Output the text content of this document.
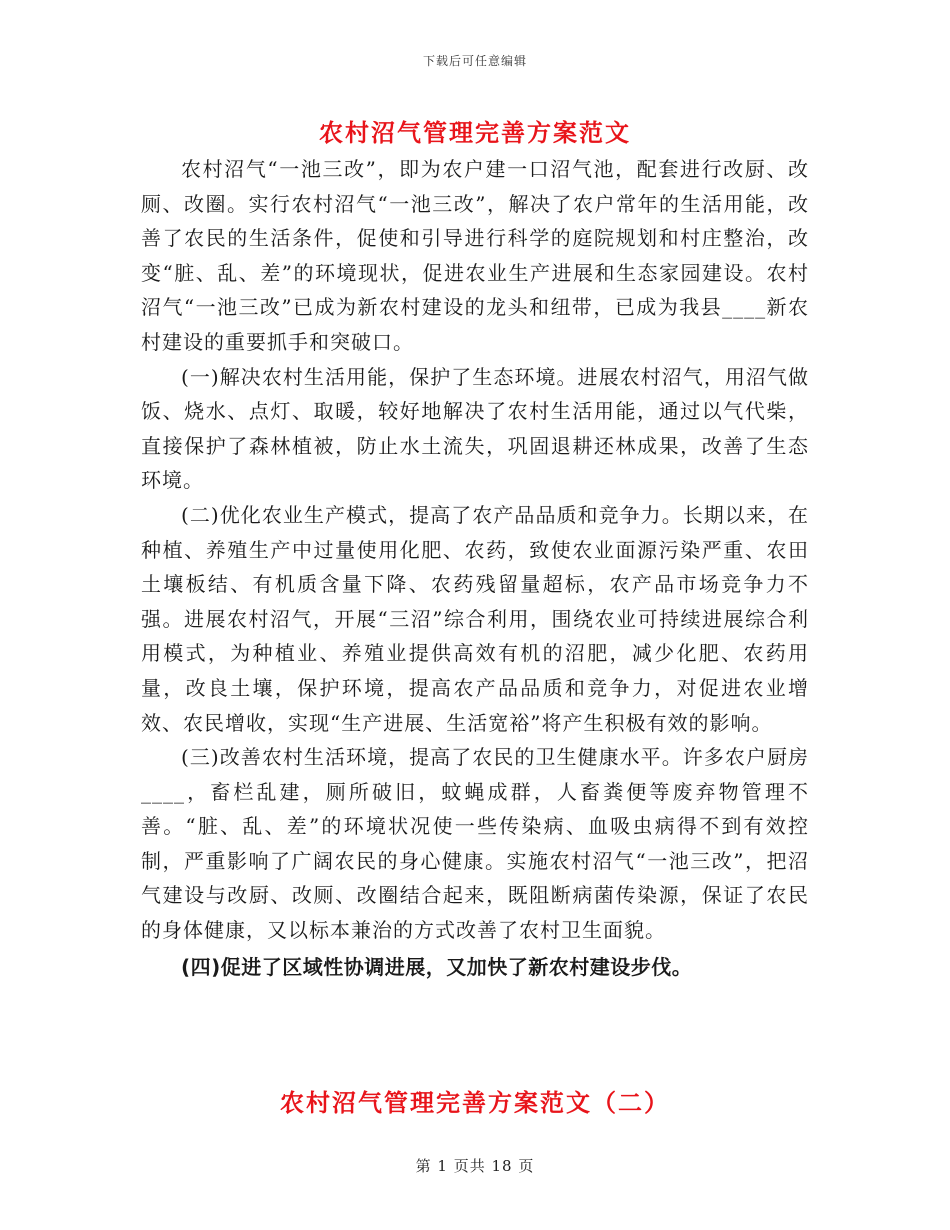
下载后可任意编辑
农村沼气管理完善方案范文

农村沼气“一池三改”，即为农户建一口沼气池，配套进行改厨、改厕、改圈。实行农村沼气“一池三改”，解决了农户常年的生活用能，改善了农民的生活条件，促使和引导进行科学的庭院规划和村庄整治，改变“脏、乱、差”的环境现状，促进农业生产进展和生态家园建设。农村沼气“一池三改”已成为新农村建设的龙头和纽带，已成为我县____新农村建设的重要抓手和突破口。

(一)解决农村生活用能，保护了生态环境。进展农村沼气，用沼气做饭、烧水、点灯、取暖，较好地解决了农村生活用能，通过以气代柴，直接保护了森林植被，防止水土流失，巩固退耕还林成果，改善了生态环境。

(二)优化农业生产模式，提高了农产品品质和竞争力。长期以来，在种植、养殖生产中过量使用化肥、农药，致使农业面源污染严重、农田土壤板结、有机质含量下降、农药残留量超标，农产品市场竞争力不强。进展农村沼气，开展“三沼”综合利用，围绕农业可持续进展综合利用模式，为种植业、养殖业提供高效有机的沼肥，减少化肥、农药用量，改良土壤，保护环境，提高农产品品质和竞争力，对促进农业增效、农民增收，实现“生产进展、生活宽裕”将产生积极有效的影响。

(三)改善农村生活环境，提高了农民的卫生健康水平。许多农户厨房____，畜栏乱建，厕所破旧，蚊蝇成群，人畜粪便等废弃物管理不善。“脏、乱、差”的环境状况使一些传染病、血吸虫病得不到有效控制，严重影响了广阔农民的身心健康。实施农村沼气“一池三改”，把沼气建设与改厨、改厕、改圈结合起来，既阻断病菌传染源，保证了农民的身体健康，又以标本兼治的方式改善了农村卫生面貌。

(四)促进了区域性协调进展，又加快了新农村建设步伐。

农村沼气管理完善方案范文（二）
第 1 页共 18 页
